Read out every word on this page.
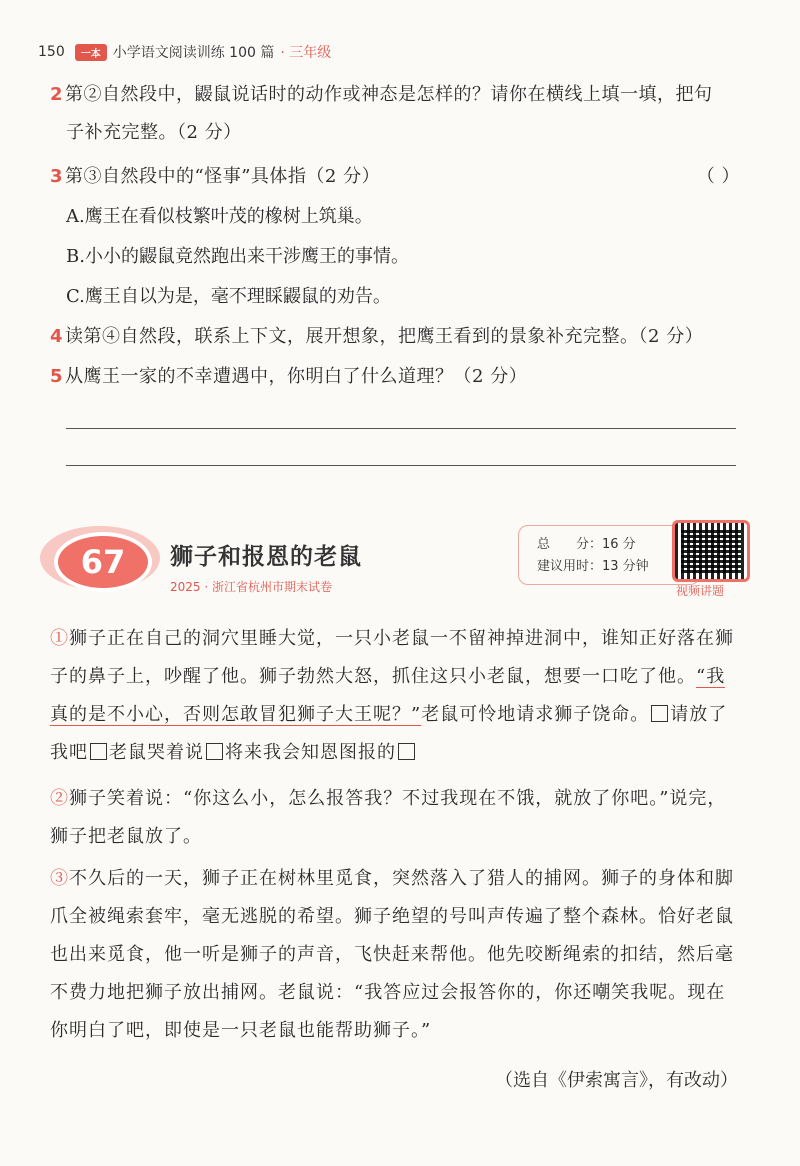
150	一本 小学语文阅读训练 100 篇 · 三年级
2 第②自然段中，鼹鼠说话时的动作或神态是怎样的？请你在横线上填一填，把句
子补充完整。（2 分）
3 第③自然段中的“怪事”具体指（2 分）	（ ）
A.鹰王在看似枝繁叶茂的橡树上筑巢。
B.小小的鼹鼠竟然跑出来干涉鹰王的事情。
C.鹰王自以为是，毫不理睬鼹鼠的劝告。
4 读第④自然段，联系上下文，展开想象，把鹰王看到的景象补充完整。（2 分）
5 从鹰王一家的不幸遭遇中，你明白了什么道理？（2 分）
67	狮子和报恩的老鼠
2025 · 浙江省杭州市期末试卷
总　　分：16 分
建议用时：13 分钟
视频讲题
①狮子正在自己的洞穴里睡大觉，一只小老鼠一不留神掉进洞中，谁知正好落在狮子的鼻子上，吵醒了他。狮子勃然大怒，抓住这只小老鼠，想要一口吃了他。“我真的是不小心，否则怎敢冒犯狮子大王呢？”老鼠可怜地请求狮子饶命。 请放了我吧 老鼠哭着说 将来我会知恩图报的
②狮子笑着说：“你这么小，怎么报答我？不过我现在不饿，就放了你吧。”说完，狮子把老鼠放了。
③不久后的一天，狮子正在树林里觅食，突然落入了猎人的捕网。狮子的身体和脚爪全被绳索套牢，毫无逃脱的希望。狮子绝望的号叫声传遍了整个森林。恰好老鼠也出来觅食，他一听是狮子的声音，飞快赶来帮他。他先咬断绳索的扣结，然后毫不费力地把狮子放出捕网。老鼠说：“我答应过会报答你的，你还嘲笑我呢。现在你明白了吧，即使是一只老鼠也能帮助狮子。”
（选自《伊索寓言》，有改动）
